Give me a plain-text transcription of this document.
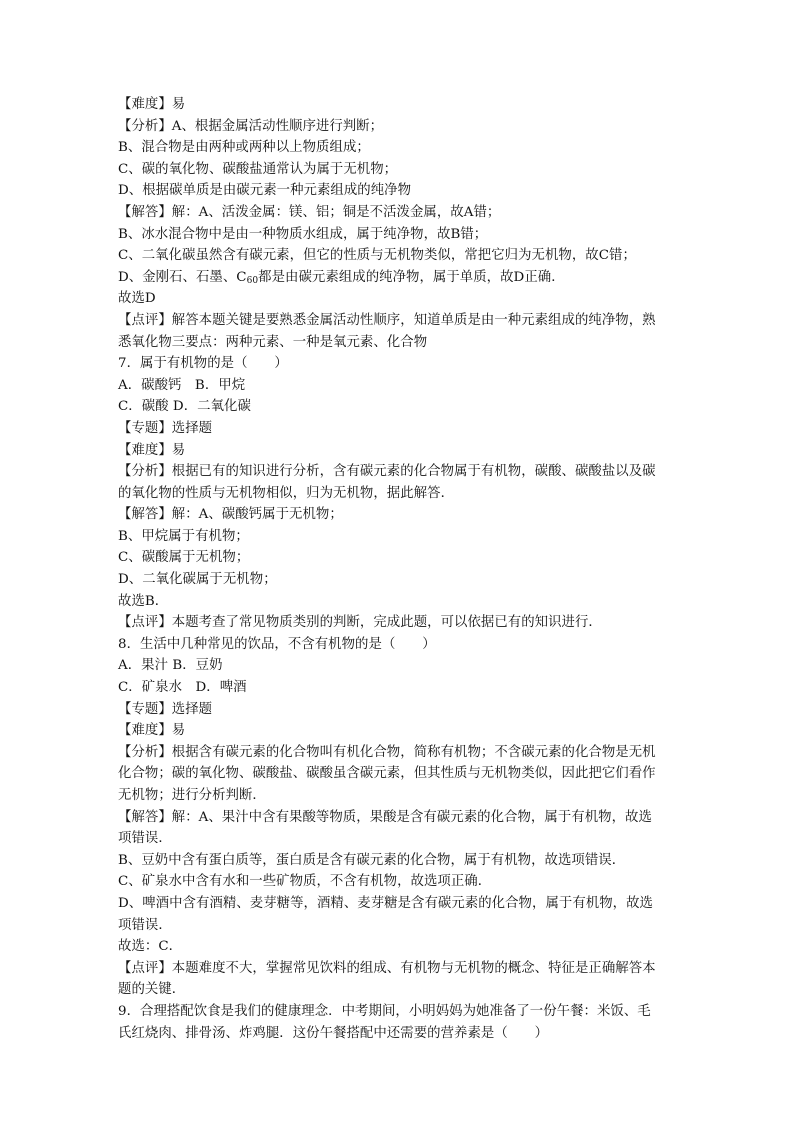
【难度】易
【分析】A、根据金属活动性顺序进行判断；
B、混合物是由两种或两种以上物质组成；
C、碳的氧化物、碳酸盐通常认为属于无机物；
D、根据碳单质是由碳元素一种元素组成的纯净物
【解答】解：A、活泼金属：镁、铝；铜是不活泼金属，故A错；
B、冰水混合物中是由一种物质水组成，属于纯净物，故B错；
C、二氧化碳虽然含有碳元素，但它的性质与无机物类似，常把它归为无机物，故C错；
D、金刚石、石墨、$C_{60}$都是由碳元素组成的纯净物，属于单质，故D正确．
故选D
【点评】解答本题关键是要熟悉金属活动性顺序，知道单质是由一种元素组成的纯净物，熟
悉氧化物三要点：两种元素、一种是氧元素、化合物
7．属于有机物的是（　　）
A．碳酸钙　B．甲烷
C．碳酸 D．二氧化碳
【专题】选择题
【难度】易
【分析】根据已有的知识进行分析，含有碳元素的化合物属于有机物，碳酸、碳酸盐以及碳
的氧化物的性质与无机物相似，归为无机物，据此解答．
【解答】解：A、碳酸钙属于无机物；
B、甲烷属于有机物；
C、碳酸属于无机物；
D、二氧化碳属于无机物；
故选B．
【点评】本题考查了常见物质类别的判断，完成此题，可以依据已有的知识进行．
8．生活中几种常见的饮品，不含有机物的是（　　）
A．果汁 B．豆奶
C．矿泉水　D．啤酒
【专题】选择题
【难度】易
【分析】根据含有碳元素的化合物叫有机化合物，简称有机物；不含碳元素的化合物是无机
化合物；碳的氧化物、碳酸盐、碳酸虽含碳元素，但其性质与无机物类似，因此把它们看作
无机物；进行分析判断．
【解答】解：A、果汁中含有果酸等物质，果酸是含有碳元素的化合物，属于有机物，故选
项错误．
B、豆奶中含有蛋白质等，蛋白质是含有碳元素的化合物，属于有机物，故选项错误．
C、矿泉水中含有水和一些矿物质，不含有机物，故选项正确．
D、啤酒中含有酒精、麦芽糖等，酒精、麦芽糖是含有碳元素的化合物，属于有机物，故选
项错误．
故选：C．
【点评】本题难度不大，掌握常见饮料的组成、有机物与无机物的概念、特征是正确解答本
题的关键．
9．合理搭配饮食是我们的健康理念．中考期间，小明妈妈为她准备了一份午餐：米饭、毛
氏红烧肉、排骨汤、炸鸡腿．这份午餐搭配中还需要的营养素是（　　）
